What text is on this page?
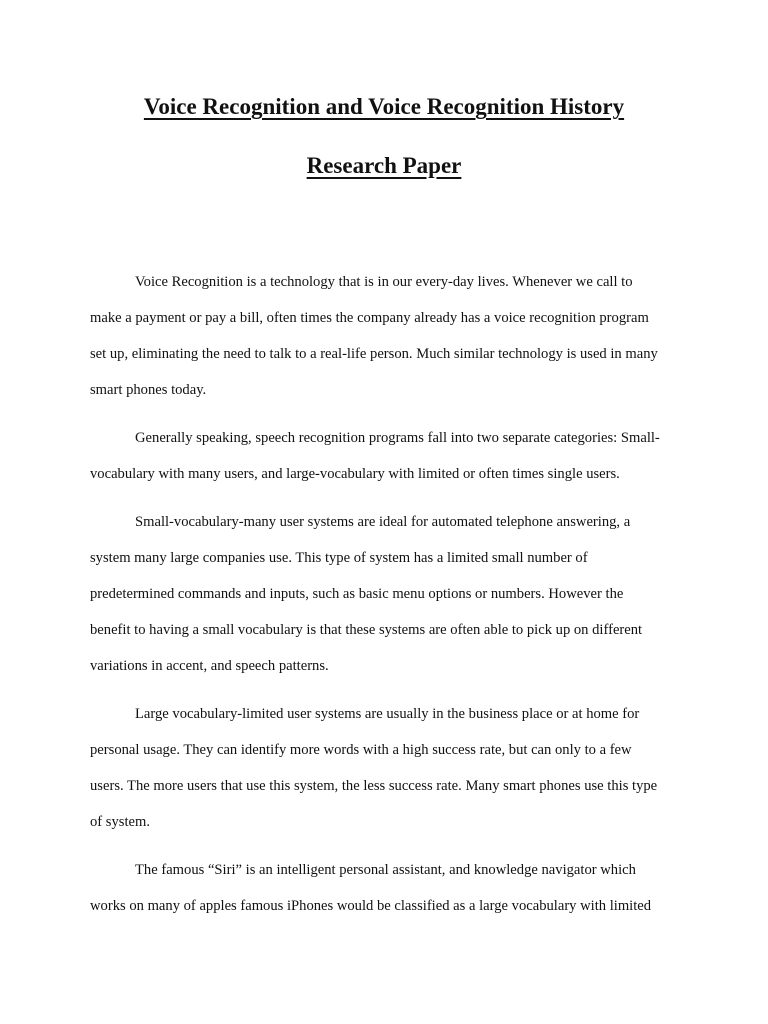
Voice Recognition and Voice Recognition History
Research Paper
Voice Recognition is a technology that is in our every-day lives. Whenever we call to
make a payment or pay a bill, often times the company already has a voice recognition program
set up, eliminating the need to talk to a real-life person. Much similar technology is used in many
smart phones today.
Generally speaking, speech recognition programs fall into two separate categories: Small-
vocabulary with many users, and large-vocabulary with limited or often times single users.
Small-vocabulary-many user systems are ideal for automated telephone answering, a
system many large companies use. This type of system has a limited small number of
predetermined commands and inputs, such as basic menu options or numbers. However the
benefit to having a small vocabulary is that these systems are often able to pick up on different
variations in accent, and speech patterns.
Large vocabulary-limited user systems are usually in the business place or at home for
personal usage. They can identify more words with a high success rate, but can only to a few
users. The more users that use this system, the less success rate. Many smart phones use this type
of system.
The famous “Siri” is an intelligent personal assistant, and knowledge navigator which
works on many of apples famous iPhones would be classified as a large vocabulary with limited
